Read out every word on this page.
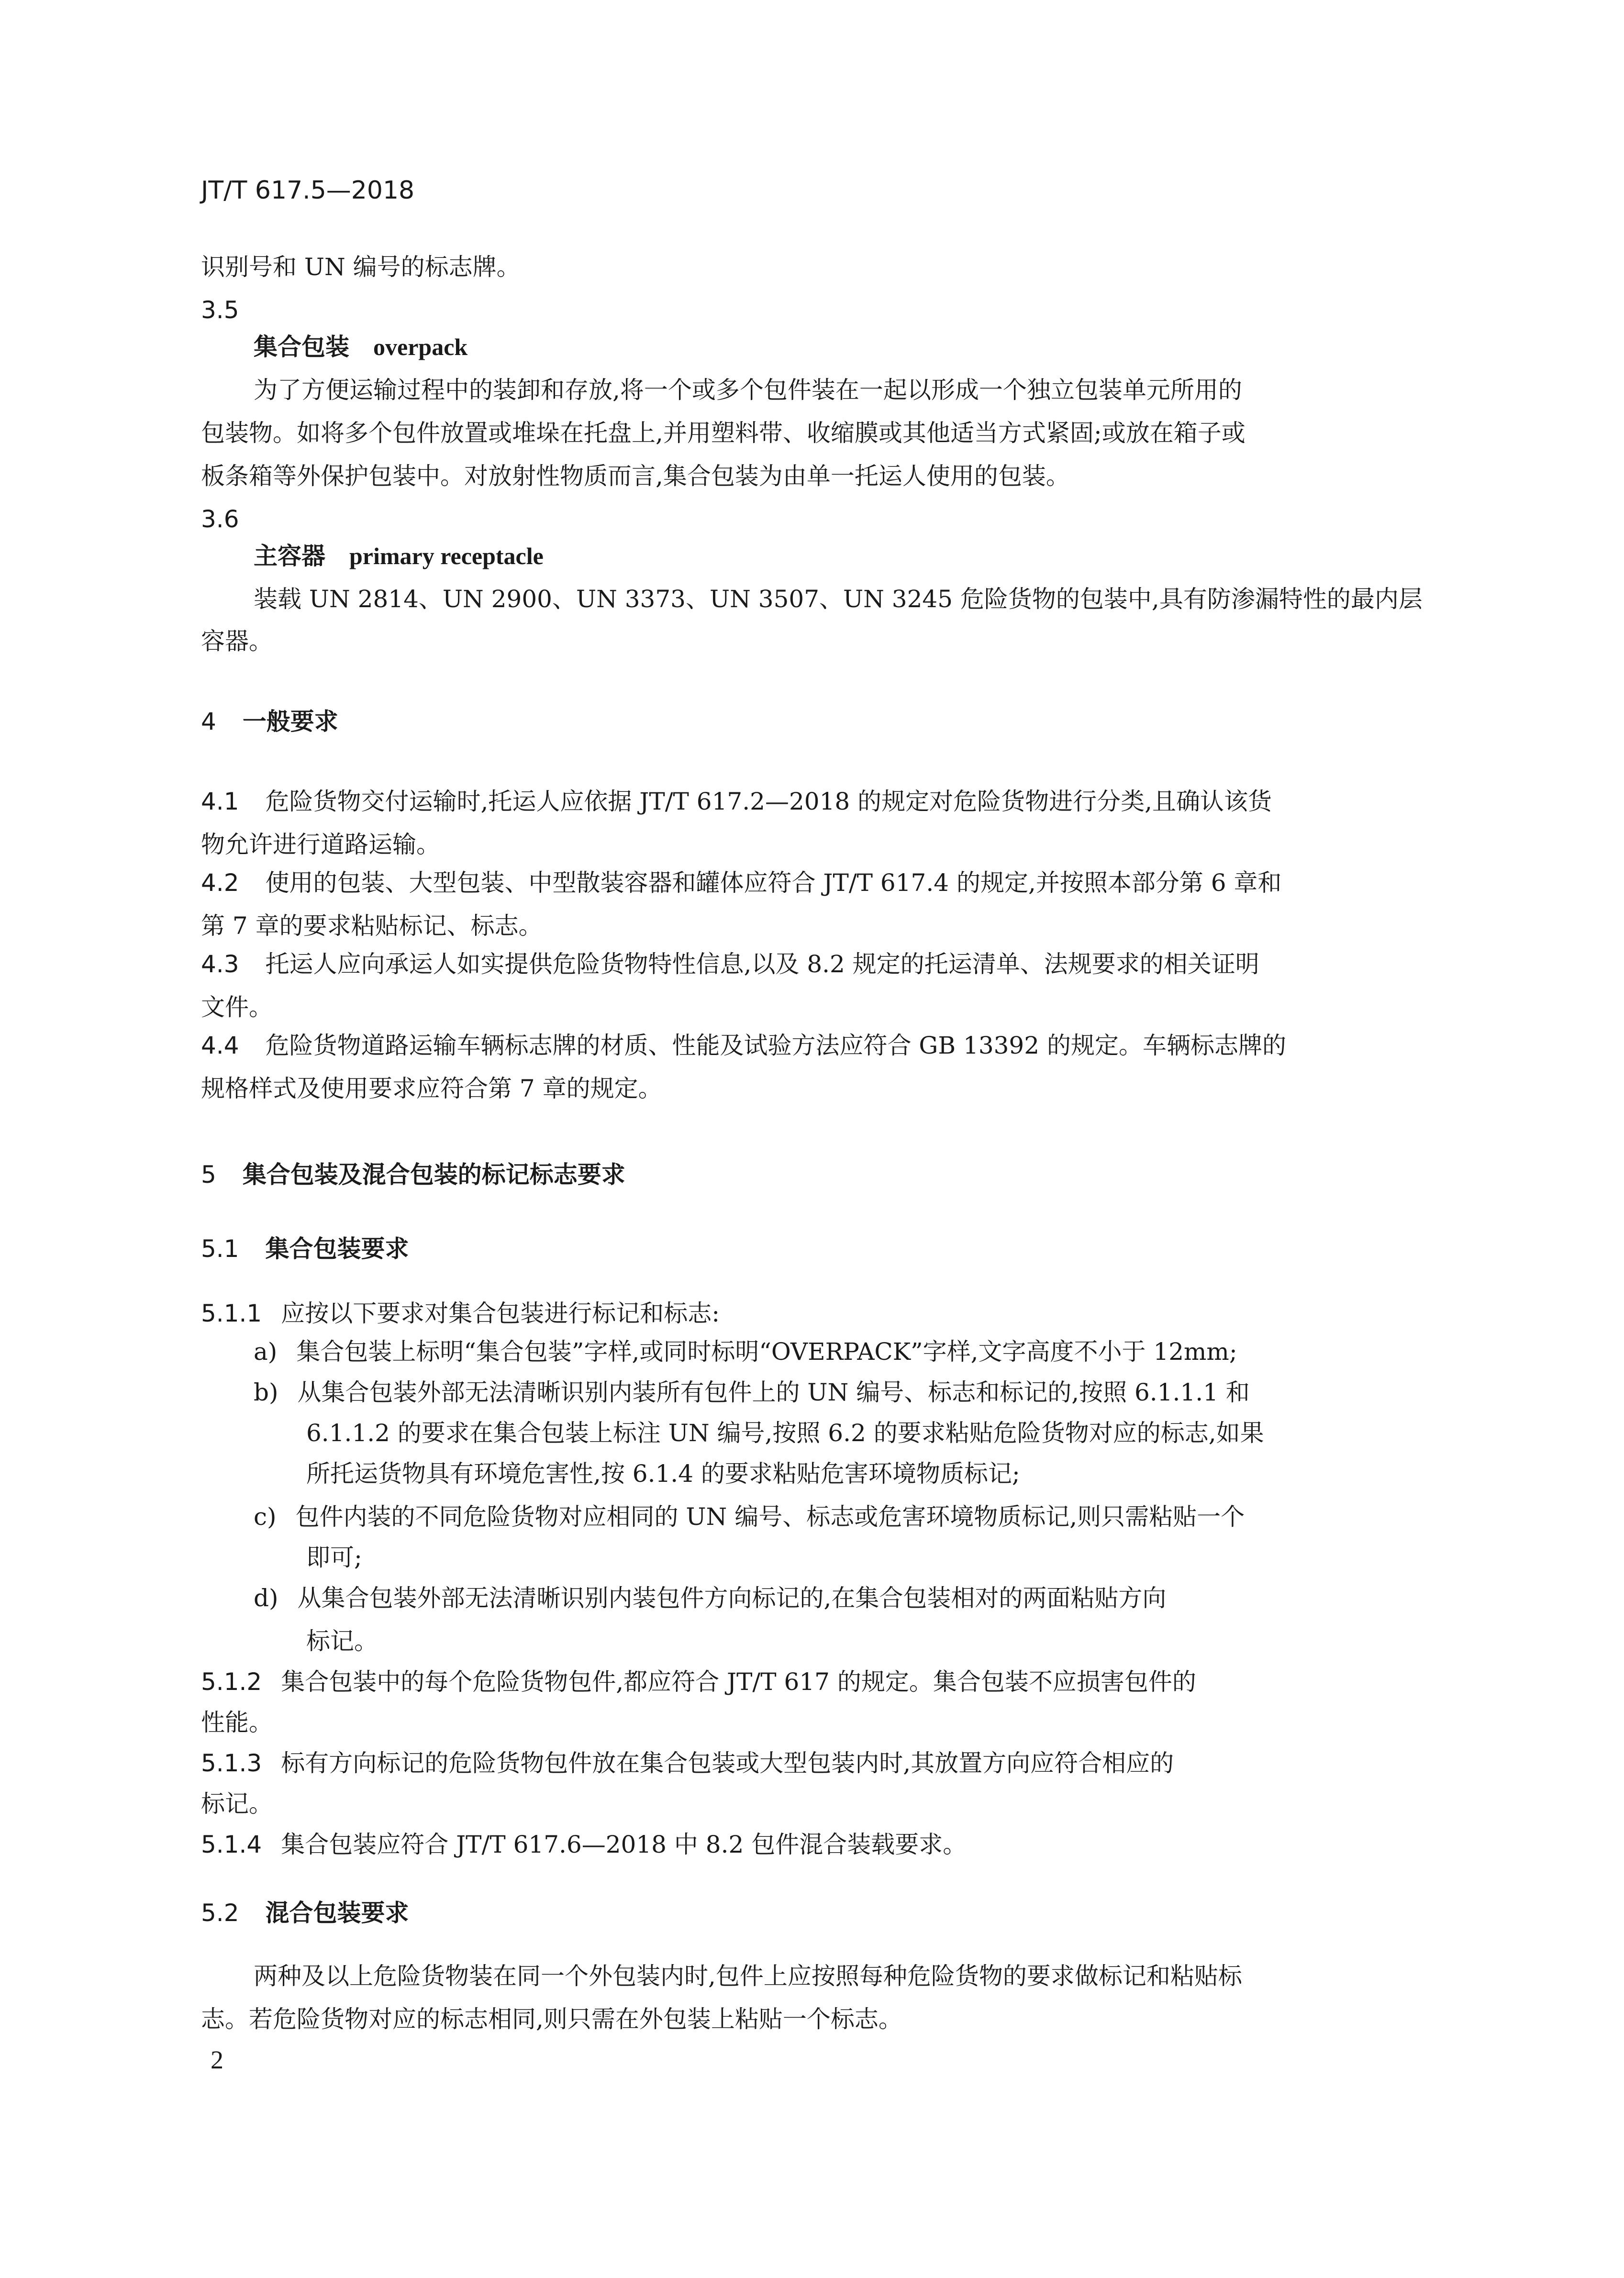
JT/T 617.5—2018
识别号和 UN 编号的标志牌。
3.5
集合包装 overpack
为了方便运输过程中的装卸和存放,将一个或多个包件装在一起以形成一个独立包装单元所用的
包装物。如将多个包件放置或堆垛在托盘上,并用塑料带、收缩膜或其他适当方式紧固;或放在箱子或
板条箱等外保护包装中。对放射性物质而言,集合包装为由单一托运人使用的包装。
3.6
主容器 primary receptacle
装载 UN 2814、UN 2900、UN 3373、UN 3507、UN 3245 危险货物的包装中,具有防渗漏特性的最内层
容器。
4 一般要求
4.1 危险货物交付运输时,托运人应依据 JT/T 617.2—2018 的规定对危险货物进行分类,且确认该货
物允许进行道路运输。
4.2 使用的包装、大型包装、中型散装容器和罐体应符合 JT/T 617.4 的规定,并按照本部分第 6 章和
第 7 章的要求粘贴标记、标志。
4.3 托运人应向承运人如实提供危险货物特性信息,以及 8.2 规定的托运清单、法规要求的相关证明
文件。
4.4 危险货物道路运输车辆标志牌的材质、性能及试验方法应符合 GB 13392 的规定。车辆标志牌的
规格样式及使用要求应符合第 7 章的规定。
5 集合包装及混合包装的标记标志要求
5.1 集合包装要求
5.1.1 应按以下要求对集合包装进行标记和标志:
a) 集合包装上标明“集合包装”字样,或同时标明“OVERPACK”字样,文字高度不小于 12mm;
b) 从集合包装外部无法清晰识别内装所有包件上的 UN 编号、标志和标记的,按照 6.1.1.1 和
6.1.1.2 的要求在集合包装上标注 UN 编号,按照 6.2 的要求粘贴危险货物对应的标志,如果
所托运货物具有环境危害性,按 6.1.4 的要求粘贴危害环境物质标记;
c) 包件内装的不同危险货物对应相同的 UN 编号、标志或危害环境物质标记,则只需粘贴一个
即可;
d) 从集合包装外部无法清晰识别内装包件方向标记的,在集合包装相对的两面粘贴方向
标记。
5.1.2 集合包装中的每个危险货物包件,都应符合 JT/T 617 的规定。集合包装不应损害包件的
性能。
5.1.3 标有方向标记的危险货物包件放在集合包装或大型包装内时,其放置方向应符合相应的
标记。
5.1.4 集合包装应符合 JT/T 617.6—2018 中 8.2 包件混合装载要求。
5.2 混合包装要求
两种及以上危险货物装在同一个外包装内时,包件上应按照每种危险货物的要求做标记和粘贴标
志。若危险货物对应的标志相同,则只需在外包装上粘贴一个标志。
2
